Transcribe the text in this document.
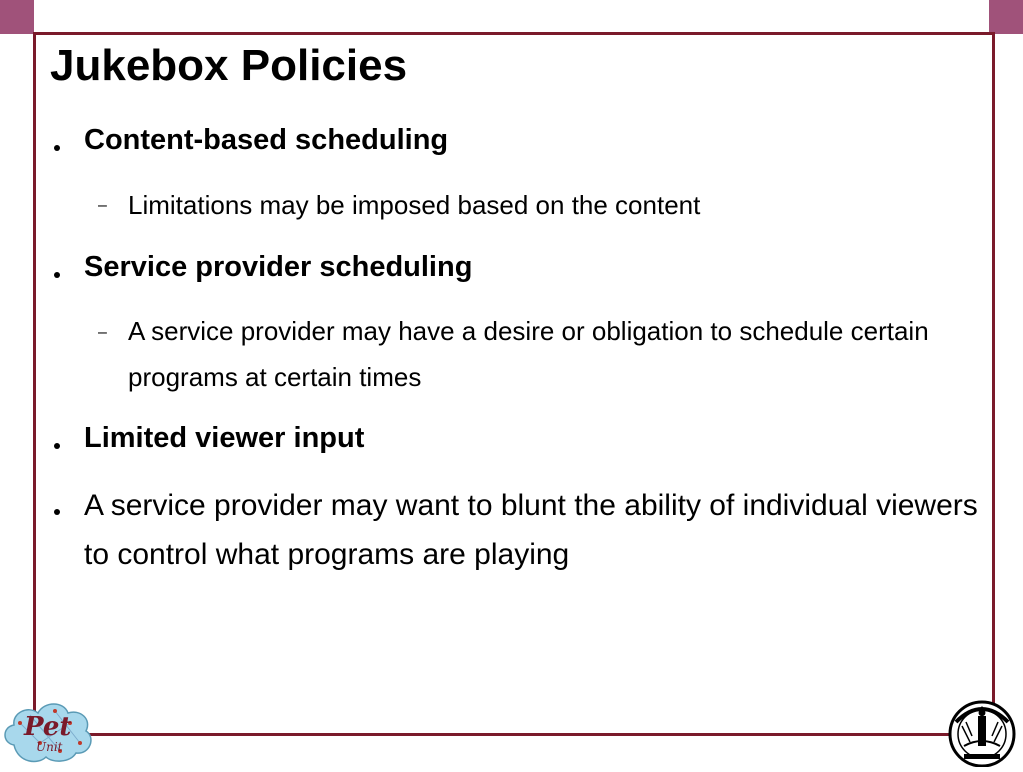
Jukebox Policies

Content-based scheduling

– Limitations may be imposed based on the content

Service provider scheduling

– A service provider may have a desire or obligation to schedule certain programs at certain times

Limited viewer input

A service provider may want to blunt the ability of individual viewers to control what programs are playing

Pet
Unit
